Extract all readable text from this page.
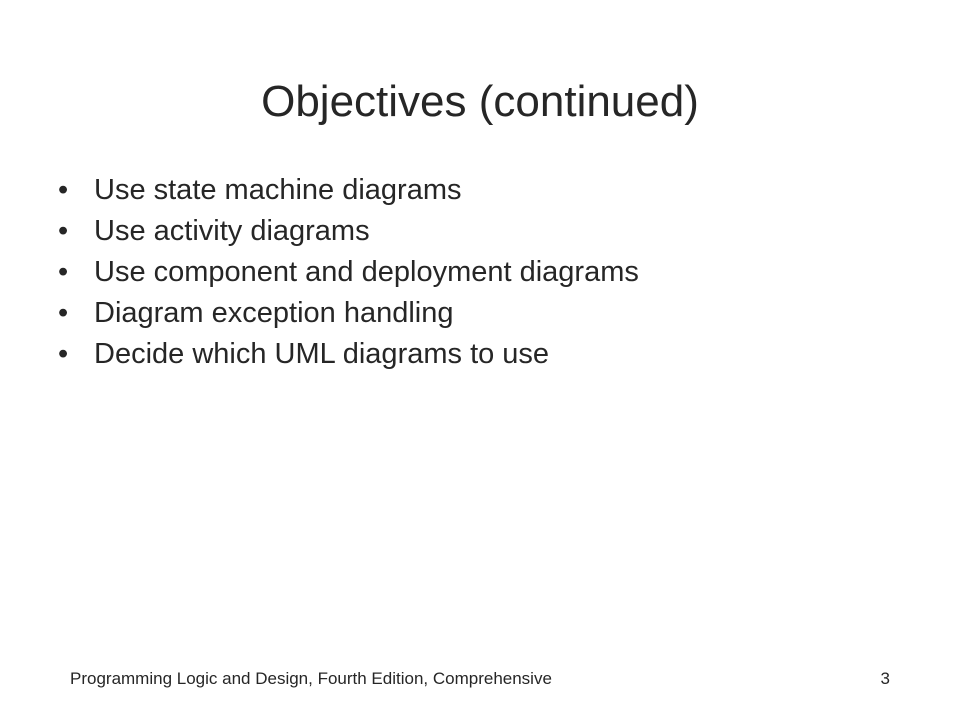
Objectives (continued)
• Use state machine diagrams
• Use activity diagrams
• Use component and deployment diagrams
• Diagram exception handling
• Decide which UML diagrams to use
Programming Logic and Design, Fourth Edition, Comprehensive	3
